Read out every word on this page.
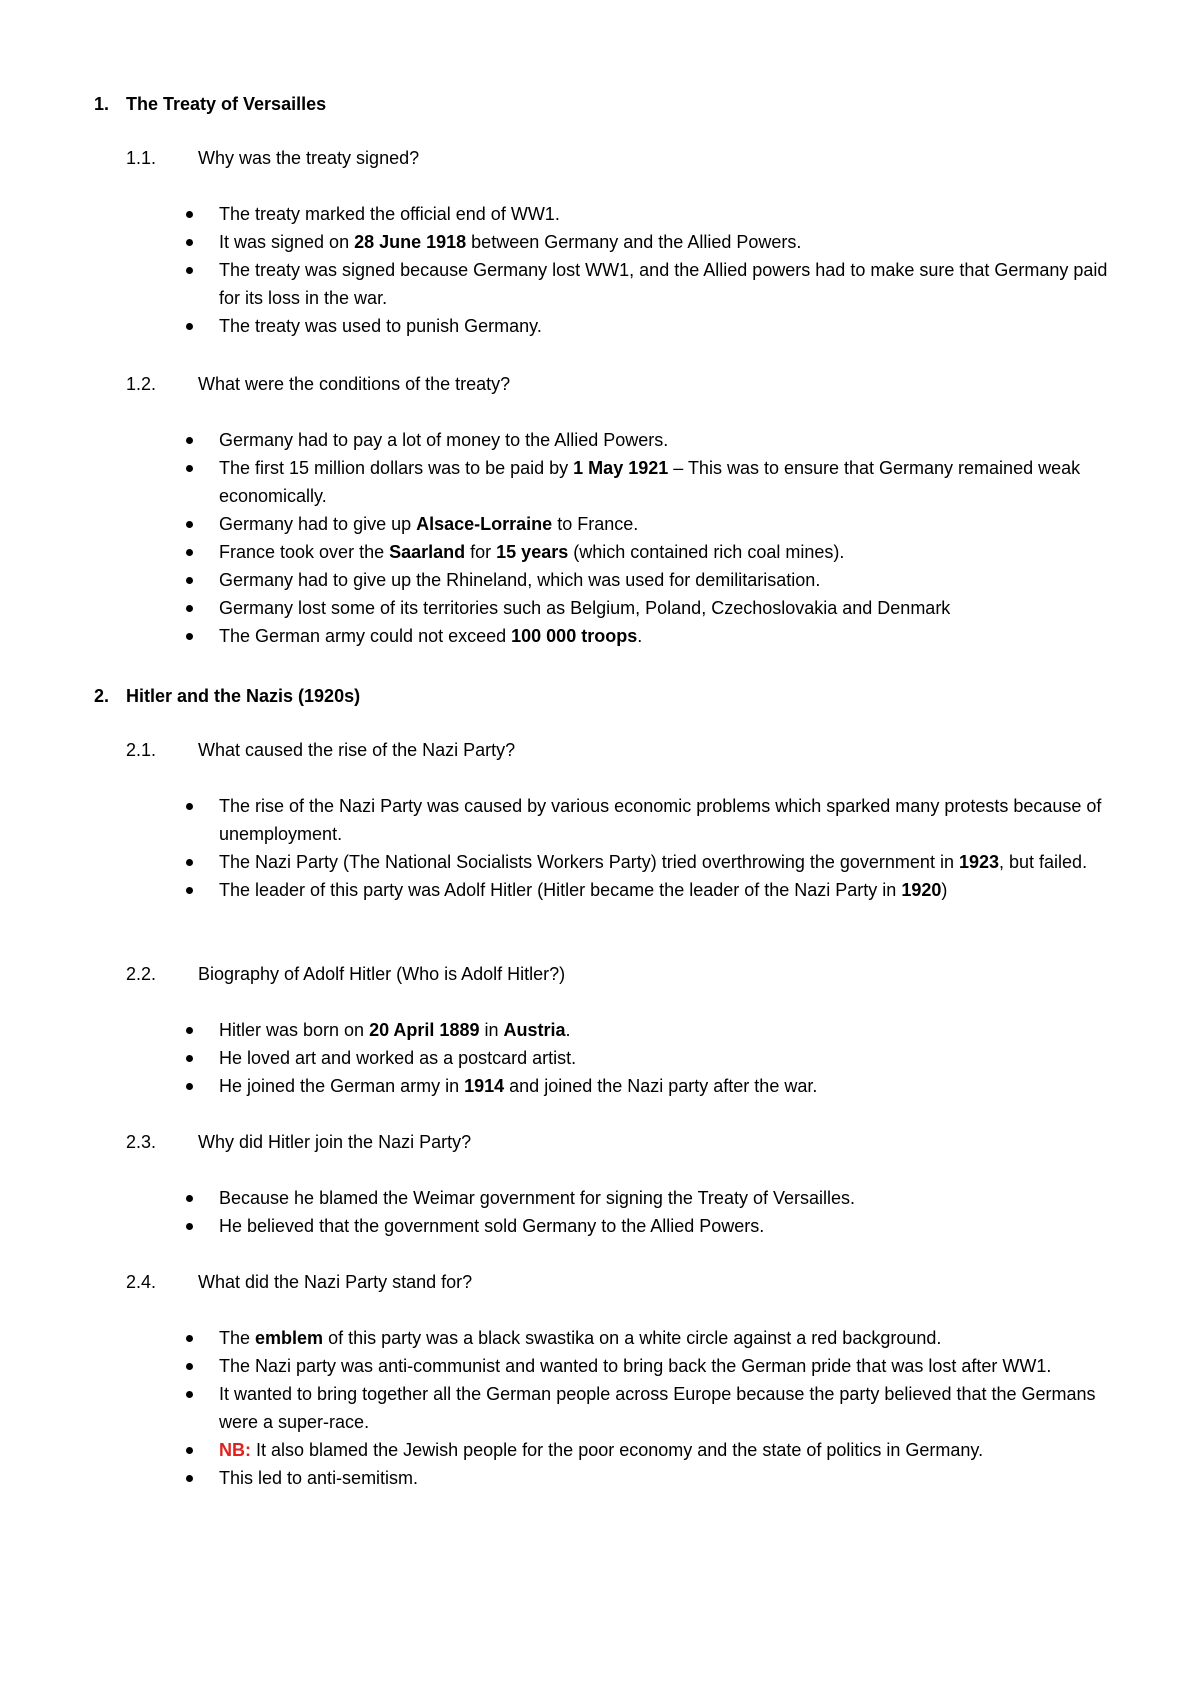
1. The Treaty of Versailles
1.1. Why was the treaty signed?
The treaty marked the official end of WW1.
It was signed on 28 June 1918 between Germany and the Allied Powers.
The treaty was signed because Germany lost WW1, and the Allied powers had to make sure that Germany paid for its loss in the war.
The treaty was used to punish Germany.
1.2. What were the conditions of the treaty?
Germany had to pay a lot of money to the Allied Powers.
The first 15 million dollars was to be paid by 1 May 1921 – This was to ensure that Germany remained weak economically.
Germany had to give up Alsace-Lorraine to France.
France took over the Saarland for 15 years (which contained rich coal mines).
Germany had to give up the Rhineland, which was used for demilitarisation.
Germany lost some of its territories such as Belgium, Poland, Czechoslovakia and Denmark
The German army could not exceed 100 000 troops.
2. Hitler and the Nazis (1920s)
2.1. What caused the rise of the Nazi Party?
The rise of the Nazi Party was caused by various economic problems which sparked many protests because of unemployment.
The Nazi Party (The National Socialists Workers Party) tried overthrowing the government in 1923, but failed.
The leader of this party was Adolf Hitler (Hitler became the leader of the Nazi Party in 1920)
2.2. Biography of Adolf Hitler (Who is Adolf Hitler?)
Hitler was born on 20 April 1889 in Austria.
He loved art and worked as a postcard artist.
He joined the German army in 1914 and joined the Nazi party after the war.
2.3. Why did Hitler join the Nazi Party?
Because he blamed the Weimar government for signing the Treaty of Versailles.
He believed that the government sold Germany to the Allied Powers.
2.4. What did the Nazi Party stand for?
The emblem of this party was a black swastika on a white circle against a red background.
The Nazi party was anti-communist and wanted to bring back the German pride that was lost after WW1.
It wanted to bring together all the German people across Europe because the party believed that the Germans were a super-race.
NB: It also blamed the Jewish people for the poor economy and the state of politics in Germany.
This led to anti-semitism.
